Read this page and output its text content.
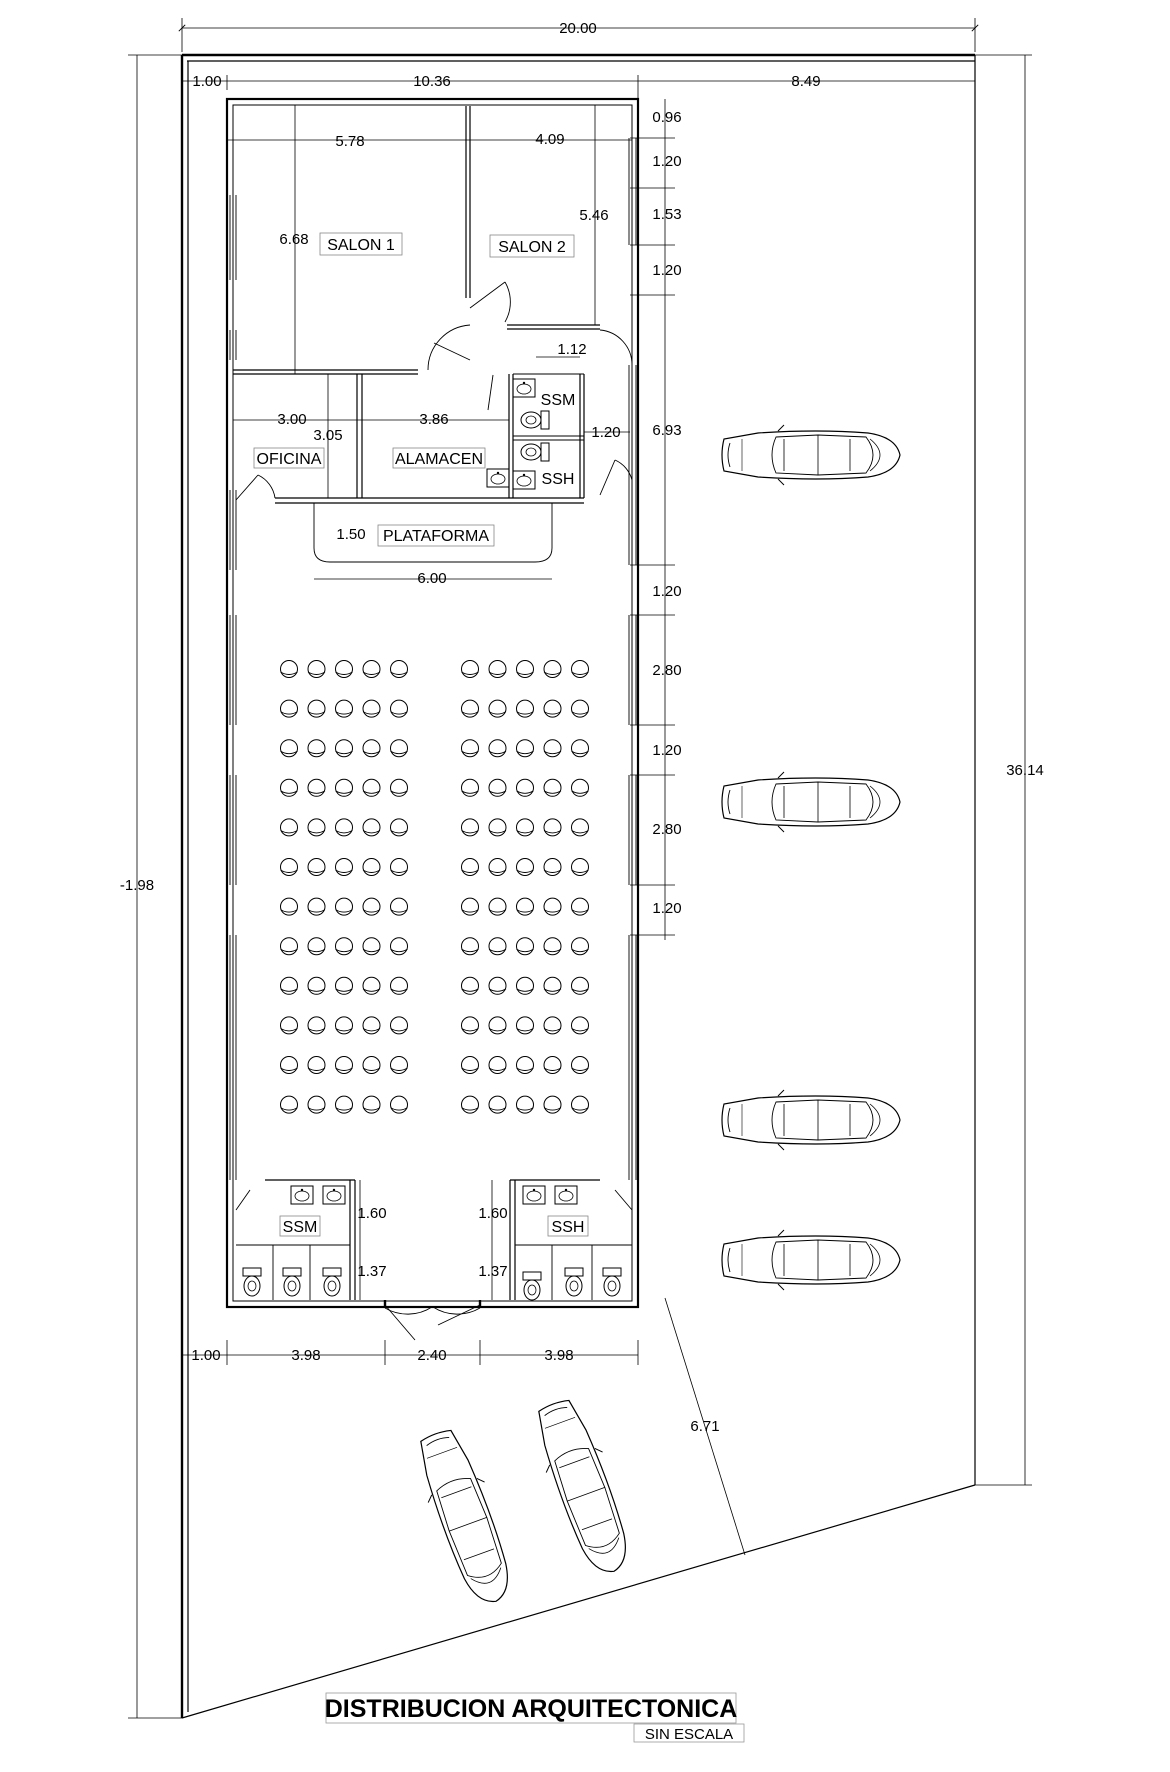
20.00
1.00	10.36	8.49
5.78	4.09
6.68
5.46
0.96
1.20
1.53
1.20
6.93
1.20
2.80
1.20
2.80
1.20
1.12
3.00
3.05
3.86
1.20
1.50
6.00
-1.98
36.14
1.60
1.37
1.60
1.37
1.00	3.98	2.40	3.98
6.71
SALON 1	SALON 2
SSM
SSH
OFICINA	ALAMACEN
PLATAFORMA
SSM	SSH
DISTRIBUCION ARQUITECTONICA
SIN ESCALA
